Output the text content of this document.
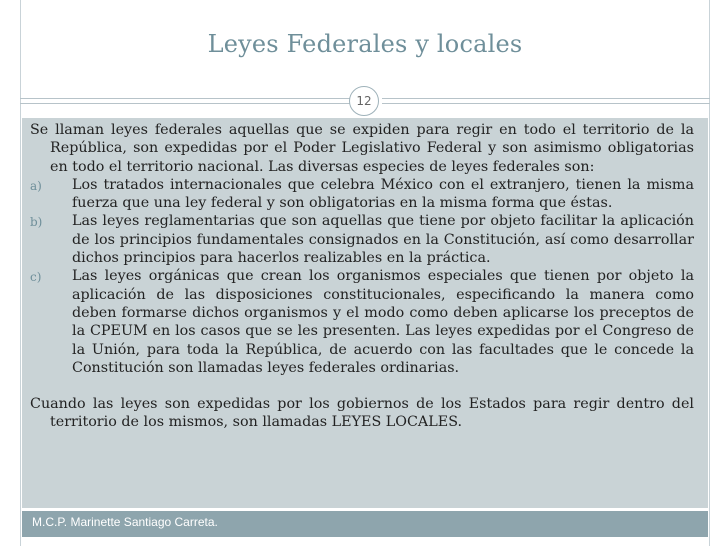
Leyes Federales y locales
12

Se llaman leyes federales aquellas que se expiden para regir en todo el territorio de la República, son expedidas por el Poder Legislativo Federal y son asimismo obligatorias en todo el territorio nacional. Las diversas especies de leyes federales son:

a) Los tratados internacionales que celebra México con el extranjero, tienen la misma fuerza que una ley federal y son obligatorias en la misma forma que éstas.
b) Las leyes reglamentarias que son aquellas que tiene por objeto facilitar la aplicación de los principios fundamentales consignados en la Constitución, así como desarrollar dichos principios para hacerlos realizables en la práctica.
c) Las leyes orgánicas que crean los organismos especiales que tienen por objeto la aplicación de las disposiciones constitucionales, especificando la manera como deben formarse dichos organismos y el modo como deben aplicarse los preceptos de la CPEUM en los casos que se les presenten. Las leyes expedidas por el Congreso de la Unión, para toda la República, de acuerdo con las facultades que le concede la Constitución son llamadas leyes federales ordinarias.

Cuando las leyes son expedidas por los gobiernos de los Estados para regir dentro del territorio de los mismos, son llamadas LEYES LOCALES.

M.C.P. Marinette Santiago Carreta.
